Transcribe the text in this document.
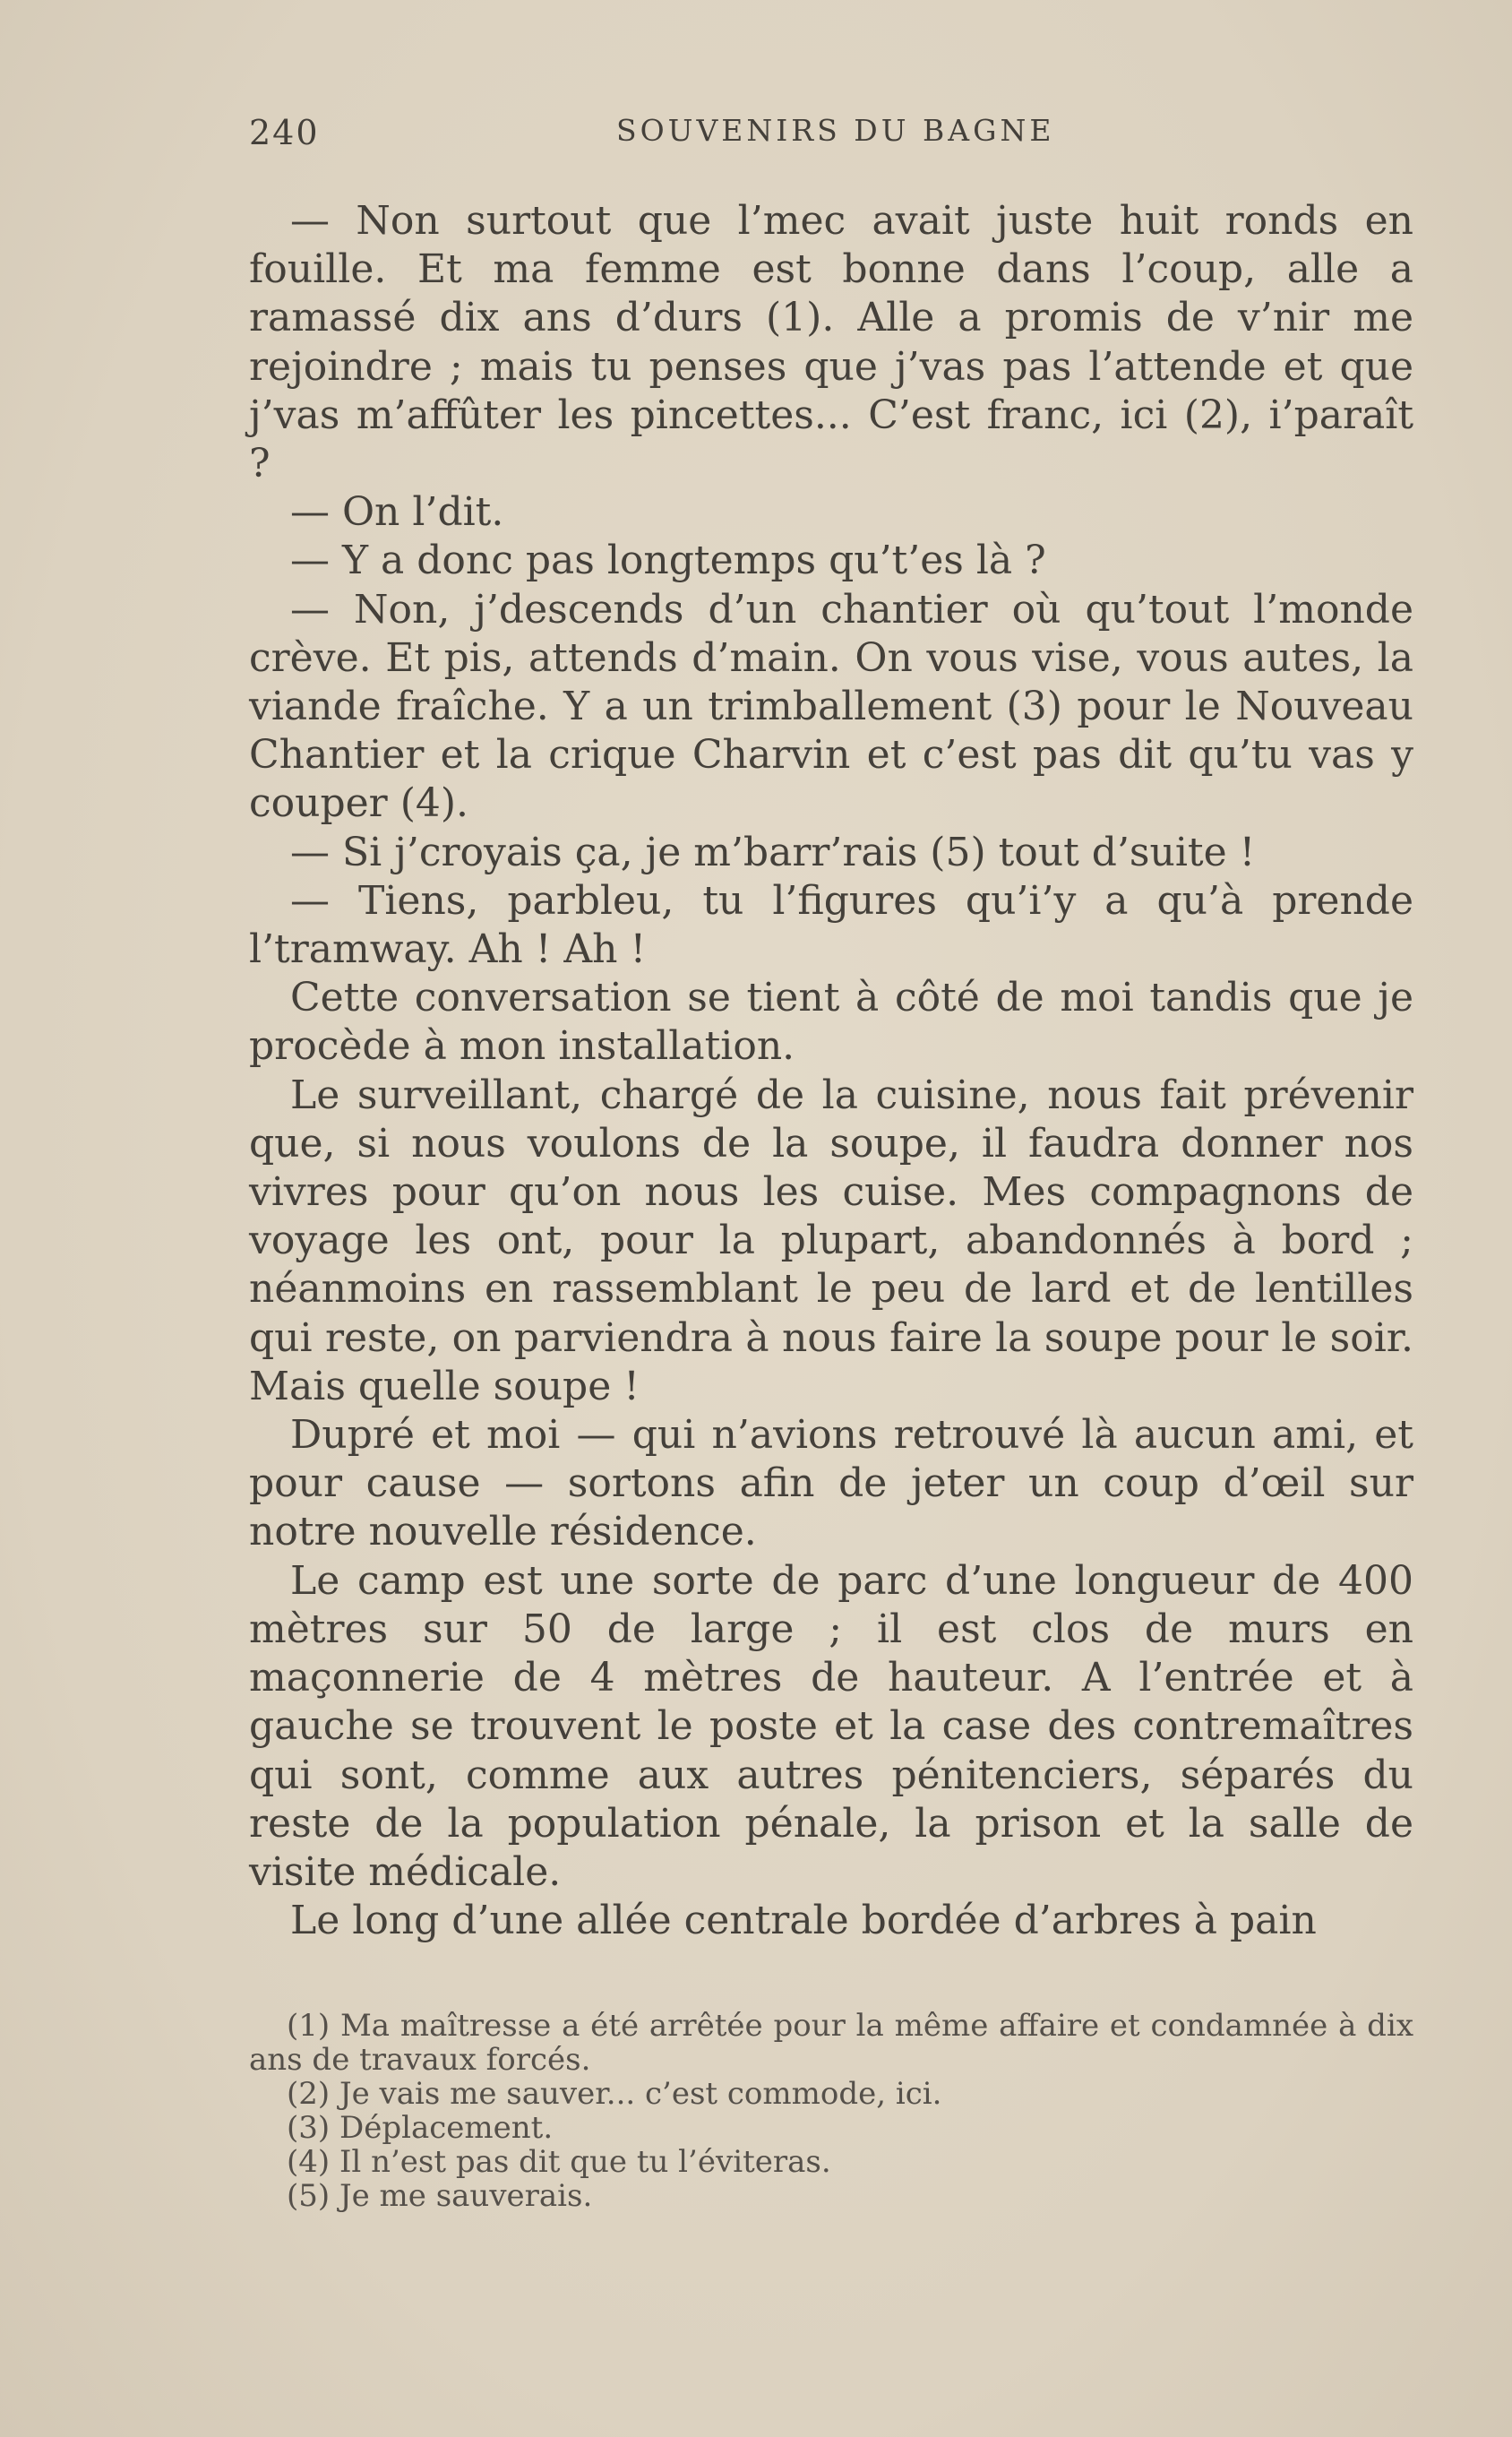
240	SOUVENIRS DU BAGNE

— Non surtout que l’mec avait juste huit ronds en fouille. Et ma femme est bonne dans l’coup, alle a ramassé dix ans d’durs (1). Alle a promis de v’nir me rejoindre ; mais tu penses que j’vas pas l’attende et que j’vas m’affûter les pincettes... C’est franc, ici (2), i’paraît ?

— On l’dit.

— Y a donc pas longtemps qu’t’es là ?

— Non, j’descends d’un chantier où qu’tout l’monde crève. Et pis, attends d’main. On vous vise, vous autes, la viande fraîche. Y a un trimballement (3) pour le Nouveau Chantier et la crique Charvin et c’est pas dit qu’tu vas y couper (4).

— Si j’croyais ça, je m’barr’rais (5) tout d’suite !

— Tiens, parbleu, tu l’figures qu’i’y a qu’à prende l’tramway. Ah ! Ah !

Cette conversation se tient à côté de moi tandis que je procède à mon installation.

Le surveillant, chargé de la cuisine, nous fait prévenir que, si nous voulons de la soupe, il faudra donner nos vivres pour qu’on nous les cuise. Mes compagnons de voyage les ont, pour la plupart, abandonnés à bord ; néanmoins en rassemblant le peu de lard et de lentilles qui reste, on parviendra à nous faire la soupe pour le soir. Mais quelle soupe !

Dupré et moi — qui n’avions retrouvé là aucun ami, et pour cause — sortons afin de jeter un coup d’œil sur notre nouvelle résidence.

Le camp est une sorte de parc d’une longueur de 400 mètres sur 50 de large ; il est clos de murs en maçonnerie de 4 mètres de hauteur. A l’entrée et à gauche se trouvent le poste et la case des contremaîtres qui sont, comme aux autres pénitenciers, séparés du reste de la population pénale, la prison et la salle de visite médicale.

Le long d’une allée centrale bordée d’arbres à pain

(1) Ma maîtresse a été arrêtée pour la même affaire et condamnée à dix ans de travaux forcés.

(2) Je vais me sauver... c’est commode, ici.

(3) Déplacement.

(4) Il n’est pas dit que tu l’éviteras.

(5) Je me sauverais.
